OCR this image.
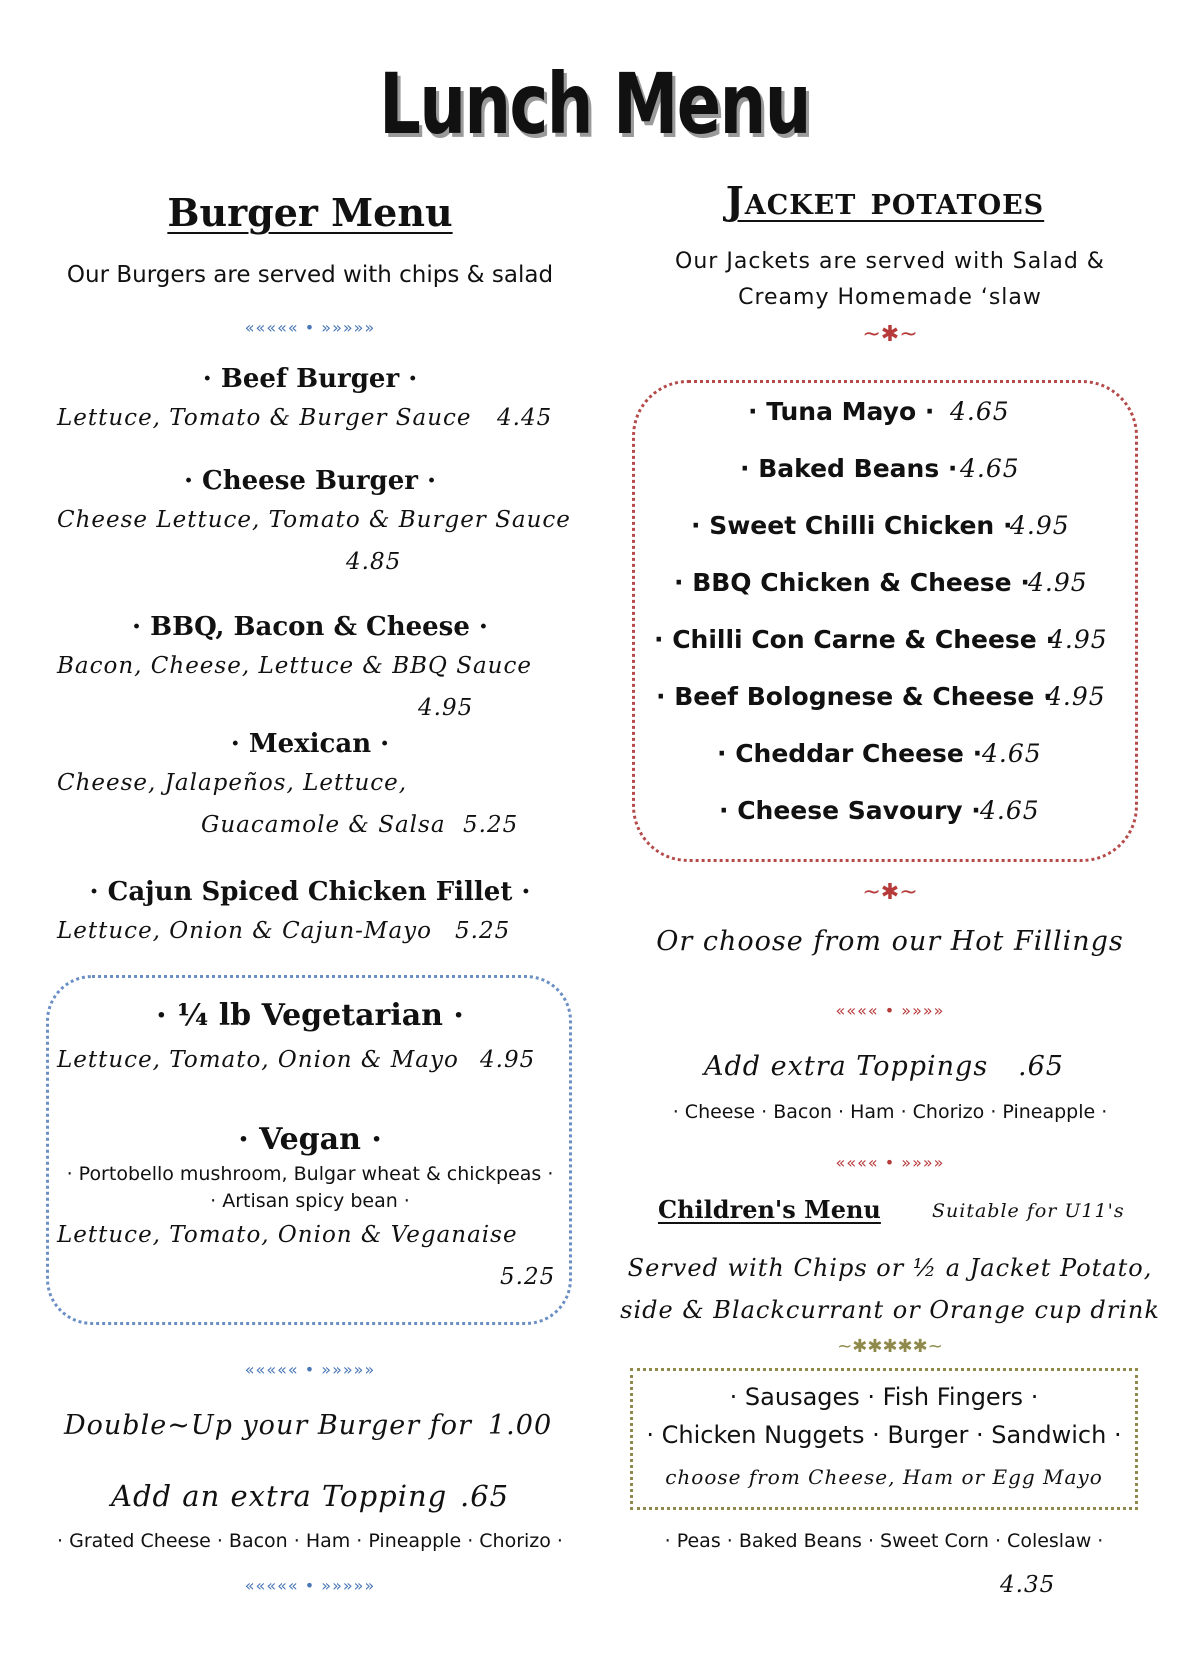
Lunch Menu
Burger Menu
Our Burgers are served with chips & salad
««««« • »»»»»
· Beef Burger ·
Lettuce, Tomato & Burger Sauce 4.45
· Cheese Burger ·
Cheese Lettuce, Tomato & Burger Sauce
4.85
· BBQ, Bacon & Cheese ·
Bacon, Cheese, Lettuce & BBQ Sauce
4.95
· Mexican ·
Cheese, Jalapeños, Lettuce,
Guacamole & Salsa 5.25
· Cajun Spiced Chicken Fillet ·
Lettuce, Onion & Cajun-Mayo 5.25
· ¼ lb Vegetarian ·
Lettuce, Tomato, Onion & Mayo 4.95
· Vegan ·
· Portobello mushroom, Bulgar wheat & chickpeas ·
· Artisan spicy bean ·
Lettuce, Tomato, Onion & Veganaise
5.25
««««« • »»»»»
Double~Up your Burger for 1.00
Add an extra Topping .65
· Grated Cheese · Bacon · Ham · Pineapple · Chorizo ·
««««« • »»»»»
Jacket potatoes
Our Jackets are served with Salad &
Creamy Homemade ‘slaw
~✱~
· Tuna Mayo · 4.65
· Baked Beans · 4.65
· Sweet Chilli Chicken ·
4.95
· BBQ Chicken & Cheese ·
4.95
· Chilli Con Carne & Cheese ·
4.95
· Beef Bolognese & Cheese ·
4.95
· Cheddar Cheese · 4.65
· Cheese Savoury · 4.65
~✱~
Or choose from our Hot Fillings
«««« • »»»»
Add extra Toppings .65
· Cheese · Bacon · Ham · Chorizo · Pineapple ·
«««« • »»»»
Children's Menu	Suitable for U11's
Served with Chips or ½ a Jacket Potato,
side & Blackcurrant or Orange cup drink
~✱✱✱✱✱~
· Sausages · Fish Fingers ·
· Chicken Nuggets · Burger · Sandwich ·
choose from Cheese, Ham or Egg Mayo
· Peas · Baked Beans · Sweet Corn · Coleslaw ·
4.35
